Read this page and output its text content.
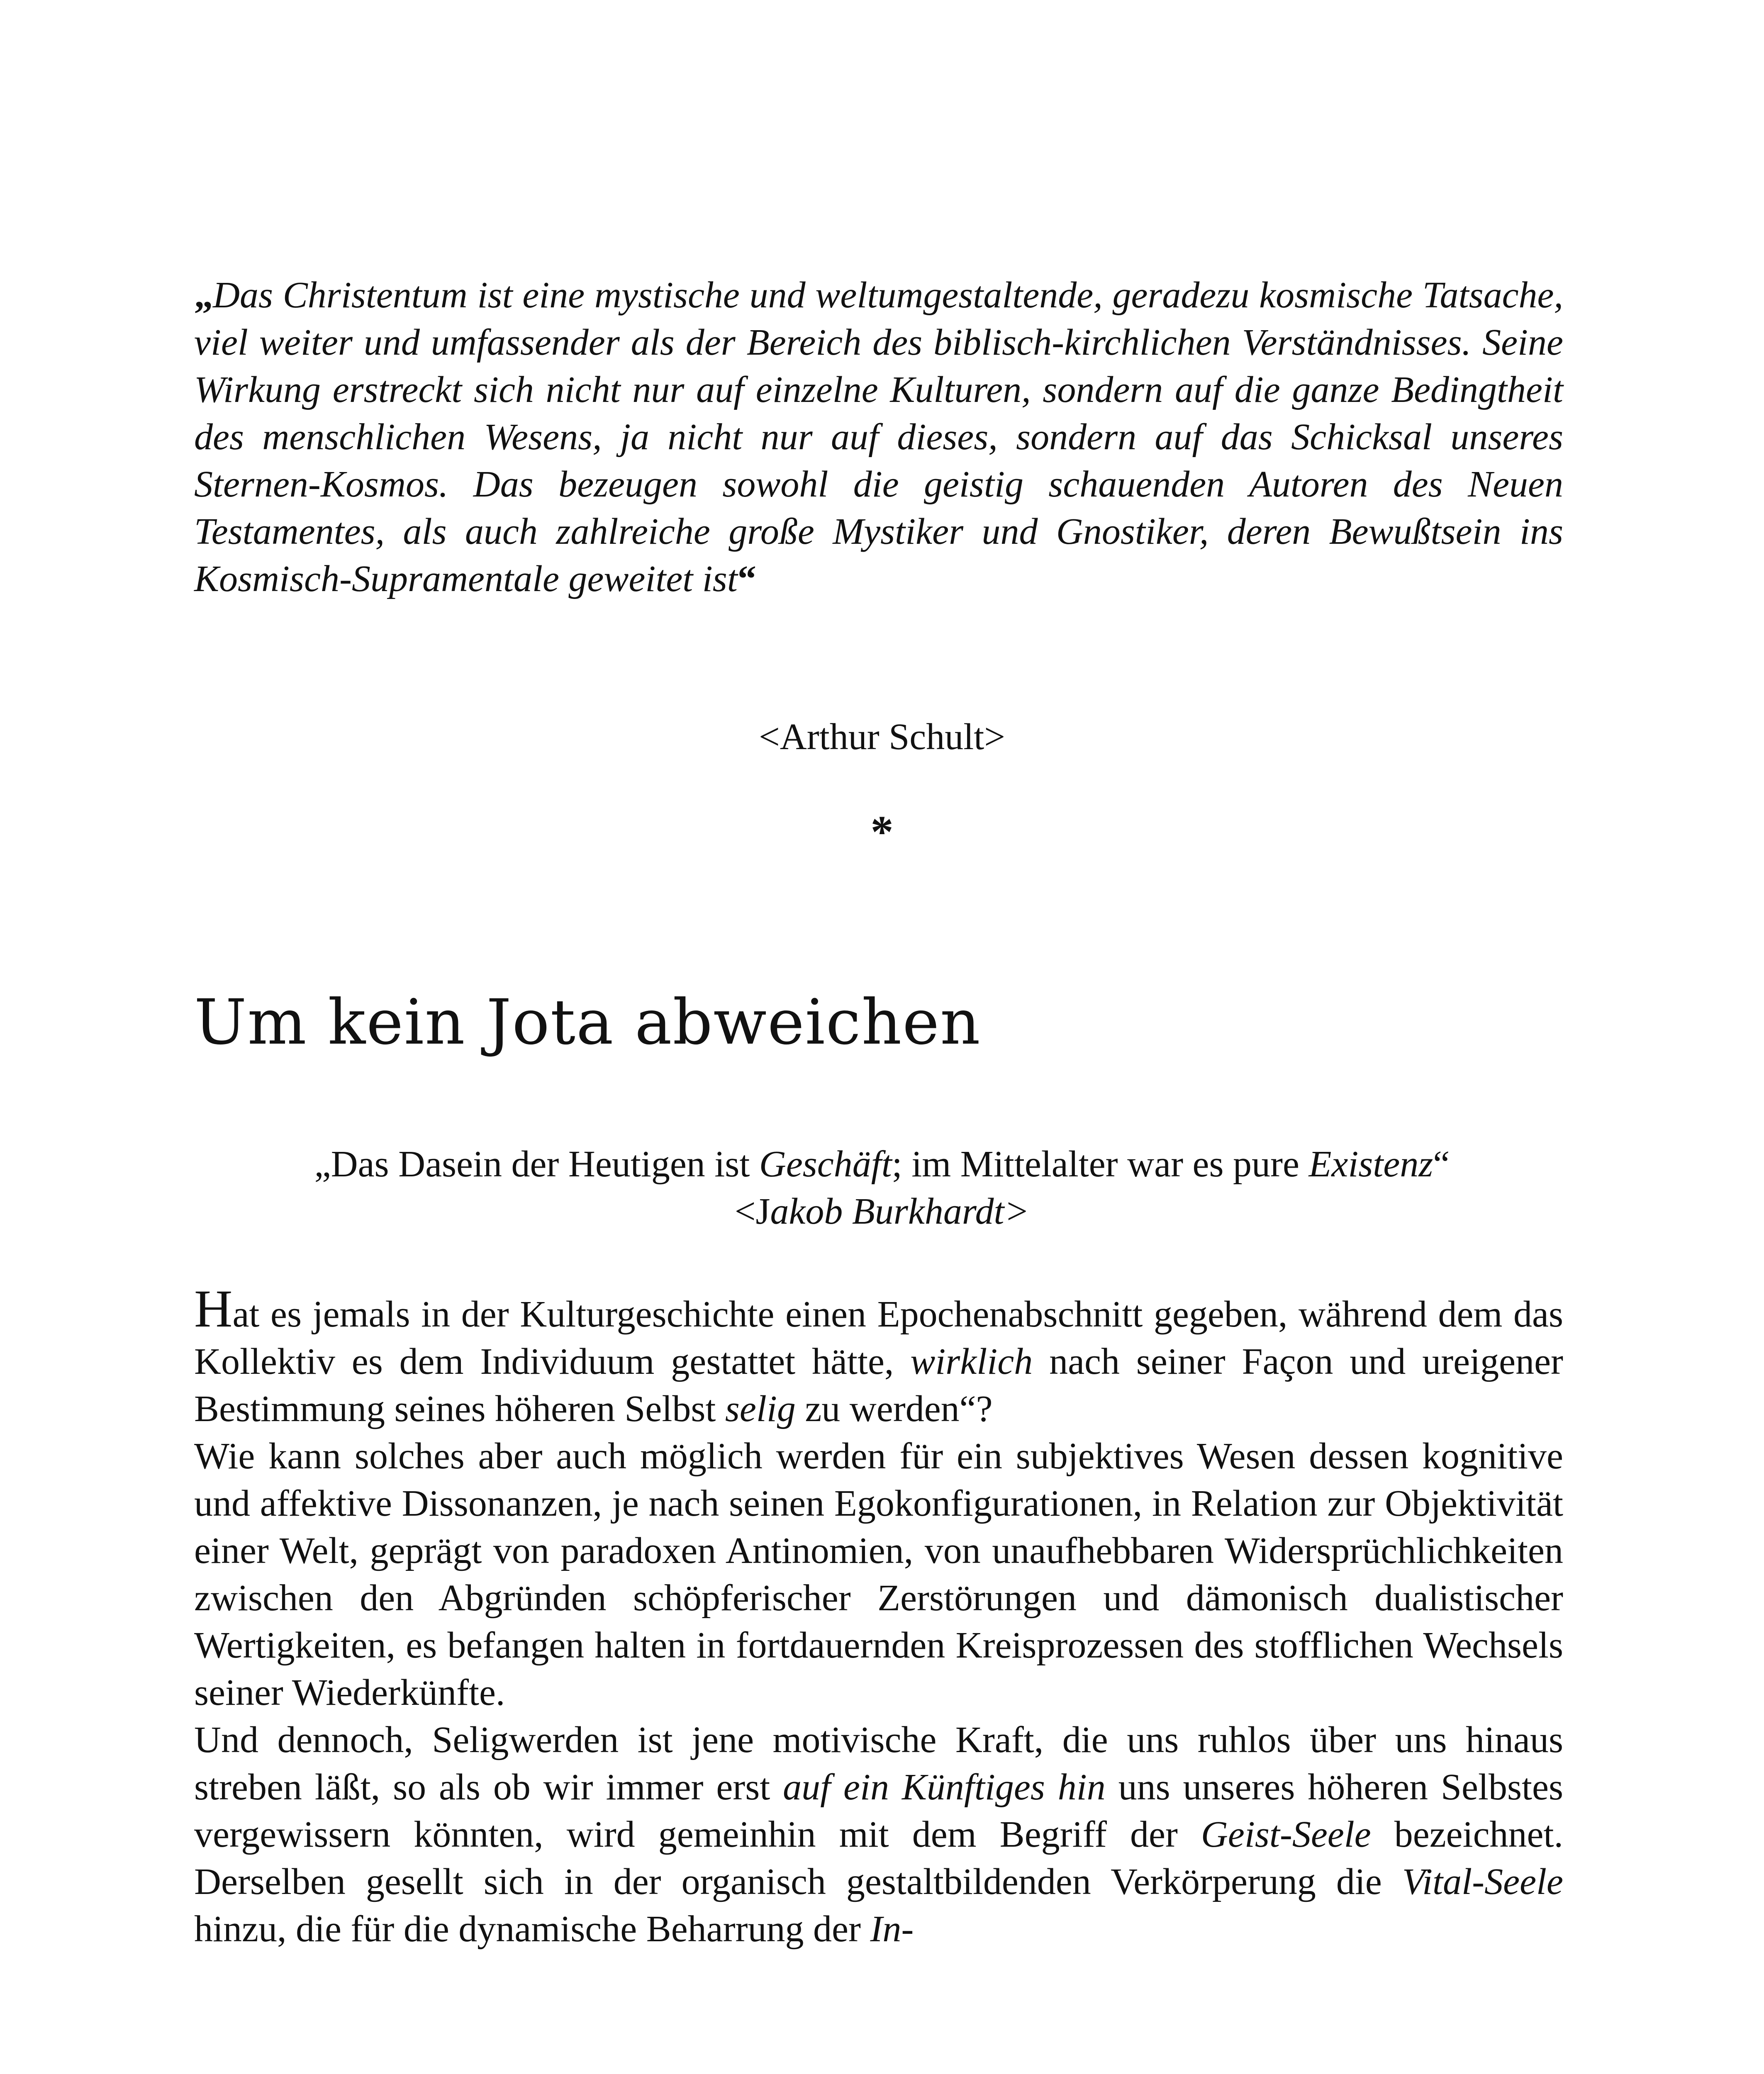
„Das Christentum ist eine mystische und weltumgestaltende, geradezu kosmische Tatsache, viel weiter und umfassender als der Bereich des biblisch-kirchlichen Verständnisses. Seine Wirkung erstreckt sich nicht nur auf einzelne Kulturen, sondern auf die ganze Bedingtheit des menschlichen Wesens, ja nicht nur auf dieses, sondern auf das Schicksal unseres Sternen-Kosmos. Das bezeugen sowohl die geistig schauenden Autoren des Neuen Testamentes, als auch zahlreiche große Mystiker und Gnostiker, deren Bewußtsein ins Kosmisch-Supramentale geweitet ist“
<Arthur Schult>
*
Um kein Jota abweichen
„Das Dasein der Heutigen ist Geschäft; im Mittelalter war es pure Existenz“
<Jakob Burkhardt>

Hat es jemals in der Kulturgeschichte einen Epochenabschnitt gegeben, während dem das Kollektiv es dem Individuum gestattet hätte, wirklich nach seiner Façon und ureigener Bestimmung seines höheren Selbst selig zu werden“?

Wie kann solches aber auch möglich werden für ein subjektives Wesen dessen kognitive und affektive Dissonanzen, je nach seinen Egokonfigurationen, in Relation zur Objektivität einer Welt, geprägt von paradoxen Antinomien, von unaufhebbaren Widersprüchlichkeiten zwischen den Abgründen schöpferischer Zerstörungen und dämonisch dualistischer Wertigkeiten, es befangen halten in fortdauernden Kreisprozessen des stofflichen Wechsels seiner Wiederkünfte.

Und dennoch, Seligwerden ist jene motivische Kraft, die uns ruhlos über uns hinaus streben läßt, so als ob wir immer erst auf ein Künftiges hin uns unseres höheren Selbstes vergewissern könnten, wird gemeinhin mit dem Begriff der Geist-Seele bezeichnet. Derselben gesellt sich in der organisch gestaltbildenden Verkörperung die Vital-Seele hinzu, die für die dynamische Beharrung der In-
